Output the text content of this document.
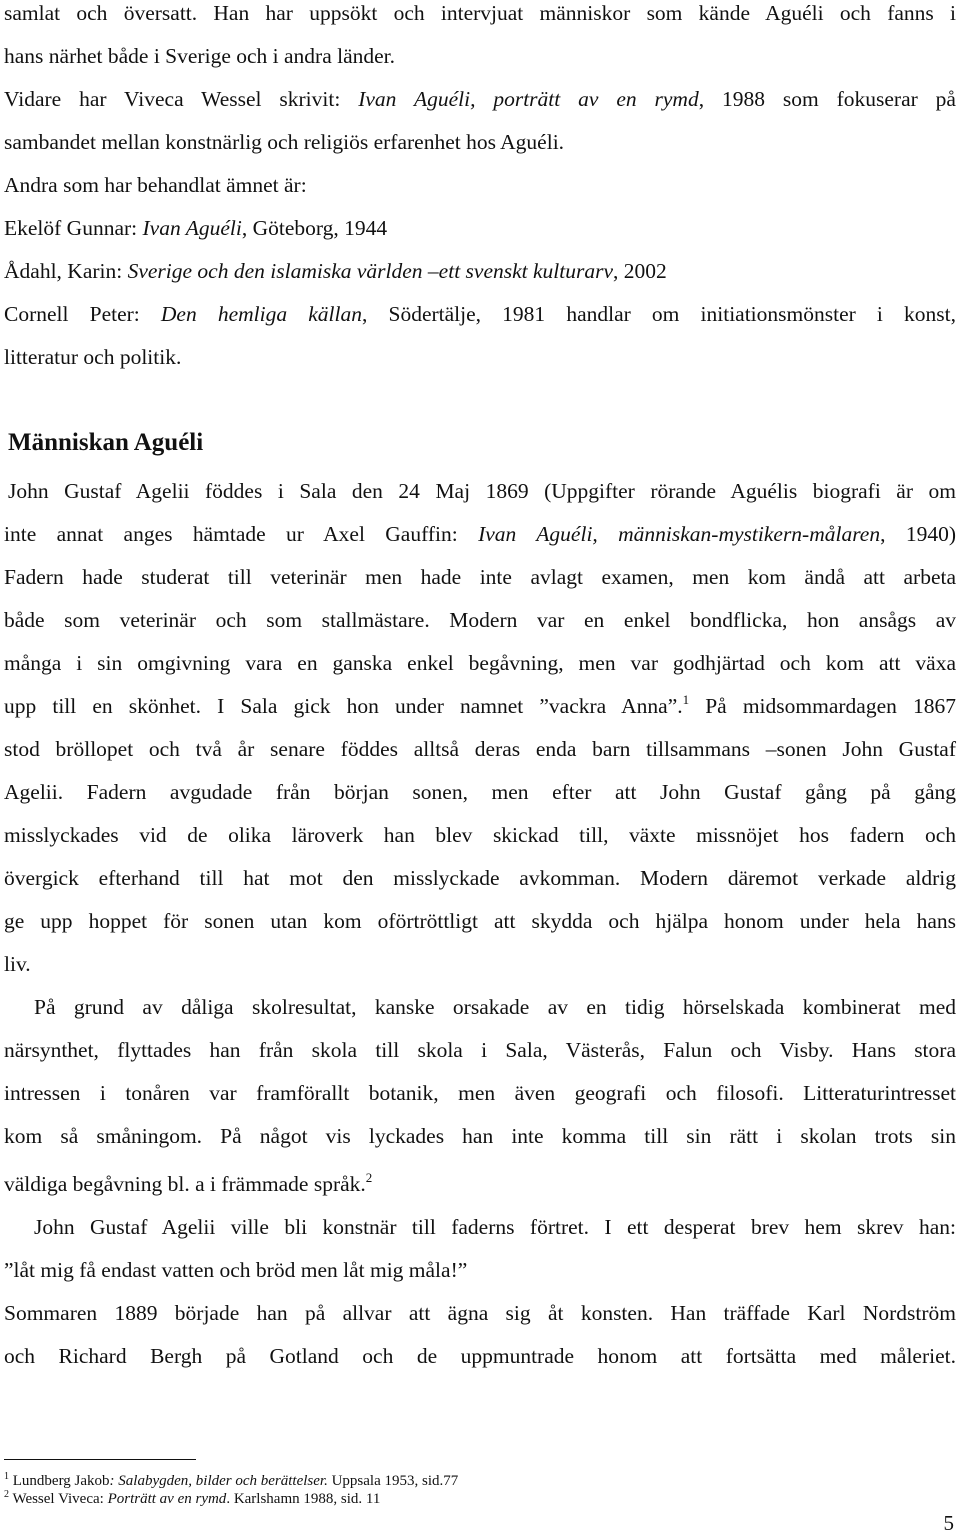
samlat och översatt. Han har uppsökt och intervjuat människor som kände Aguéli och fanns i
hans närhet både i Sverige och i andra länder.
Vidare har Viveca Wessel skrivit: Ivan Aguéli, porträtt av en rymd, 1988 som fokuserar på
sambandet mellan konstnärlig och religiös erfarenhet hos Aguéli.
Andra som har behandlat ämnet är:
Ekelöf Gunnar: Ivan Aguéli, Göteborg, 1944
Ådahl, Karin: Sverige och den islamiska världen –ett svenskt kulturarv, 2002
Cornell Peter: Den hemliga källan, Södertälje, 1981 handlar om initiationsmönster i konst,
litteratur och politik.
Människan Aguéli
John Gustaf Agelii föddes i Sala den 24 Maj 1869 (Uppgifter rörande Aguélis biografi är om
inte annat anges hämtade ur Axel Gauffin: Ivan Aguéli, människan-mystikern-målaren, 1940)
Fadern hade studerat till veterinär men hade inte avlagt examen, men kom ändå att arbeta
både som veterinär och som stallmästare. Modern var en enkel bondflicka, hon ansågs av
många i sin omgivning vara en ganska enkel begåvning, men var godhjärtad och kom att växa
upp till en skönhet. I Sala gick hon under namnet ”vackra Anna”.$^1$ På midsommardagen 1867
stod bröllopet och två år senare föddes alltså deras enda barn tillsammans –sonen John Gustaf
Agelii. Fadern avgudade från början sonen, men efter att John Gustaf gång på gång
misslyckades vid de olika läroverk han blev skickad till, växte missnöjet hos fadern och
övergick efterhand till hat mot den misslyckade avkomman. Modern däremot verkade aldrig
ge upp hoppet för sonen utan kom oförtröttligt att skydda och hjälpa honom under hela hans
liv.
På grund av dåliga skolresultat, kanske orsakade av en tidig hörselskada kombinerat med
närsynthet, flyttades han från skola till skola i Sala, Västerås, Falun och Visby. Hans stora
intressen i tonåren var framförallt botanik, men även geografi och filosofi. Litteraturintresset
kom så småningom. På något vis lyckades han inte komma till sin rätt i skolan trots sin
väldiga begåvning bl. a i främmade språk.$^2$
John Gustaf Agelii ville bli konstnär till faderns förtret. I ett desperat brev hem skrev han:
”låt mig få endast vatten och bröd men låt mig måla!”
Sommaren 1889 började han på allvar att ägna sig åt konsten. Han träffade Karl Nordström
och Richard Bergh på Gotland och de uppmuntrade honom att fortsätta med måleriet.
$^1$ Lundberg Jakob: Salabygden, bilder och berättelser. Uppsala 1953, sid.77
$^2$ Wessel Viveca: Porträtt av en rymd. Karlshamn 1988, sid. 11
5
